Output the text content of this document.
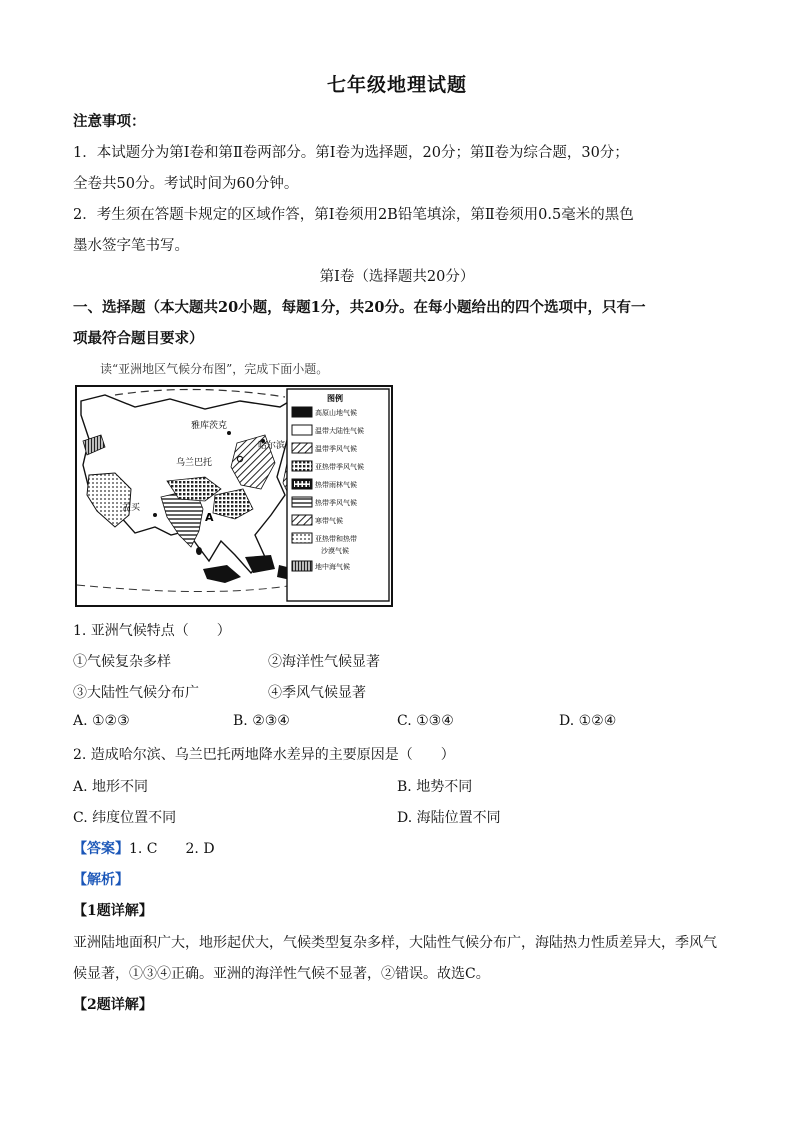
七年级地理试题
注意事项：
1．本试题分为第Ⅰ卷和第Ⅱ卷两部分。第Ⅰ卷为选择题，20分；第Ⅱ卷为综合题，30分；
全卷共50分。考试时间为60分钟。
2．考生须在答题卡规定的区域作答，第Ⅰ卷须用2B铅笔填涂，第Ⅱ卷须用0.5毫米的黑色
墨水签字笔书写。
第Ⅰ卷（选择题共20分）
一、选择题（本大题共20小题，每题1分，共20分。在每小题给出的四个选项中，只有一
项最符合题目要求）
读“亚洲地区气候分布图”，完成下面小题。
雅库茨克
哈尔滨
乌兰巴托
孟买
A
图例
高原山地气候
温带大陆性气候
温带季风气候
亚热带季风气候
热带雨林气候
热带季风气候
寒带气候
亚热带和热带
沙漠气候
地中海气候
1. 亚洲气候特点（　　）
①气候复杂多样	②海洋性气候显著
③大陆性气候分布广	④季风气候显著
A. ①②③	B. ②③④	C. ①③④	D. ①②④
2. 造成哈尔滨、乌兰巴托两地降水差异的主要原因是（　　）
A. 地形不同	B. 地势不同
C. 纬度位置不同	D. 海陆位置不同
【答案】1. C　　2. D
【解析】
【1题详解】
亚洲陆地面积广大，地形起伏大，气候类型复杂多样，大陆性气候分布广，海陆热力性质差异大，季风气
候显著，①③④正确。亚洲的海洋性气候不显著，②错误。故选C。
【2题详解】
